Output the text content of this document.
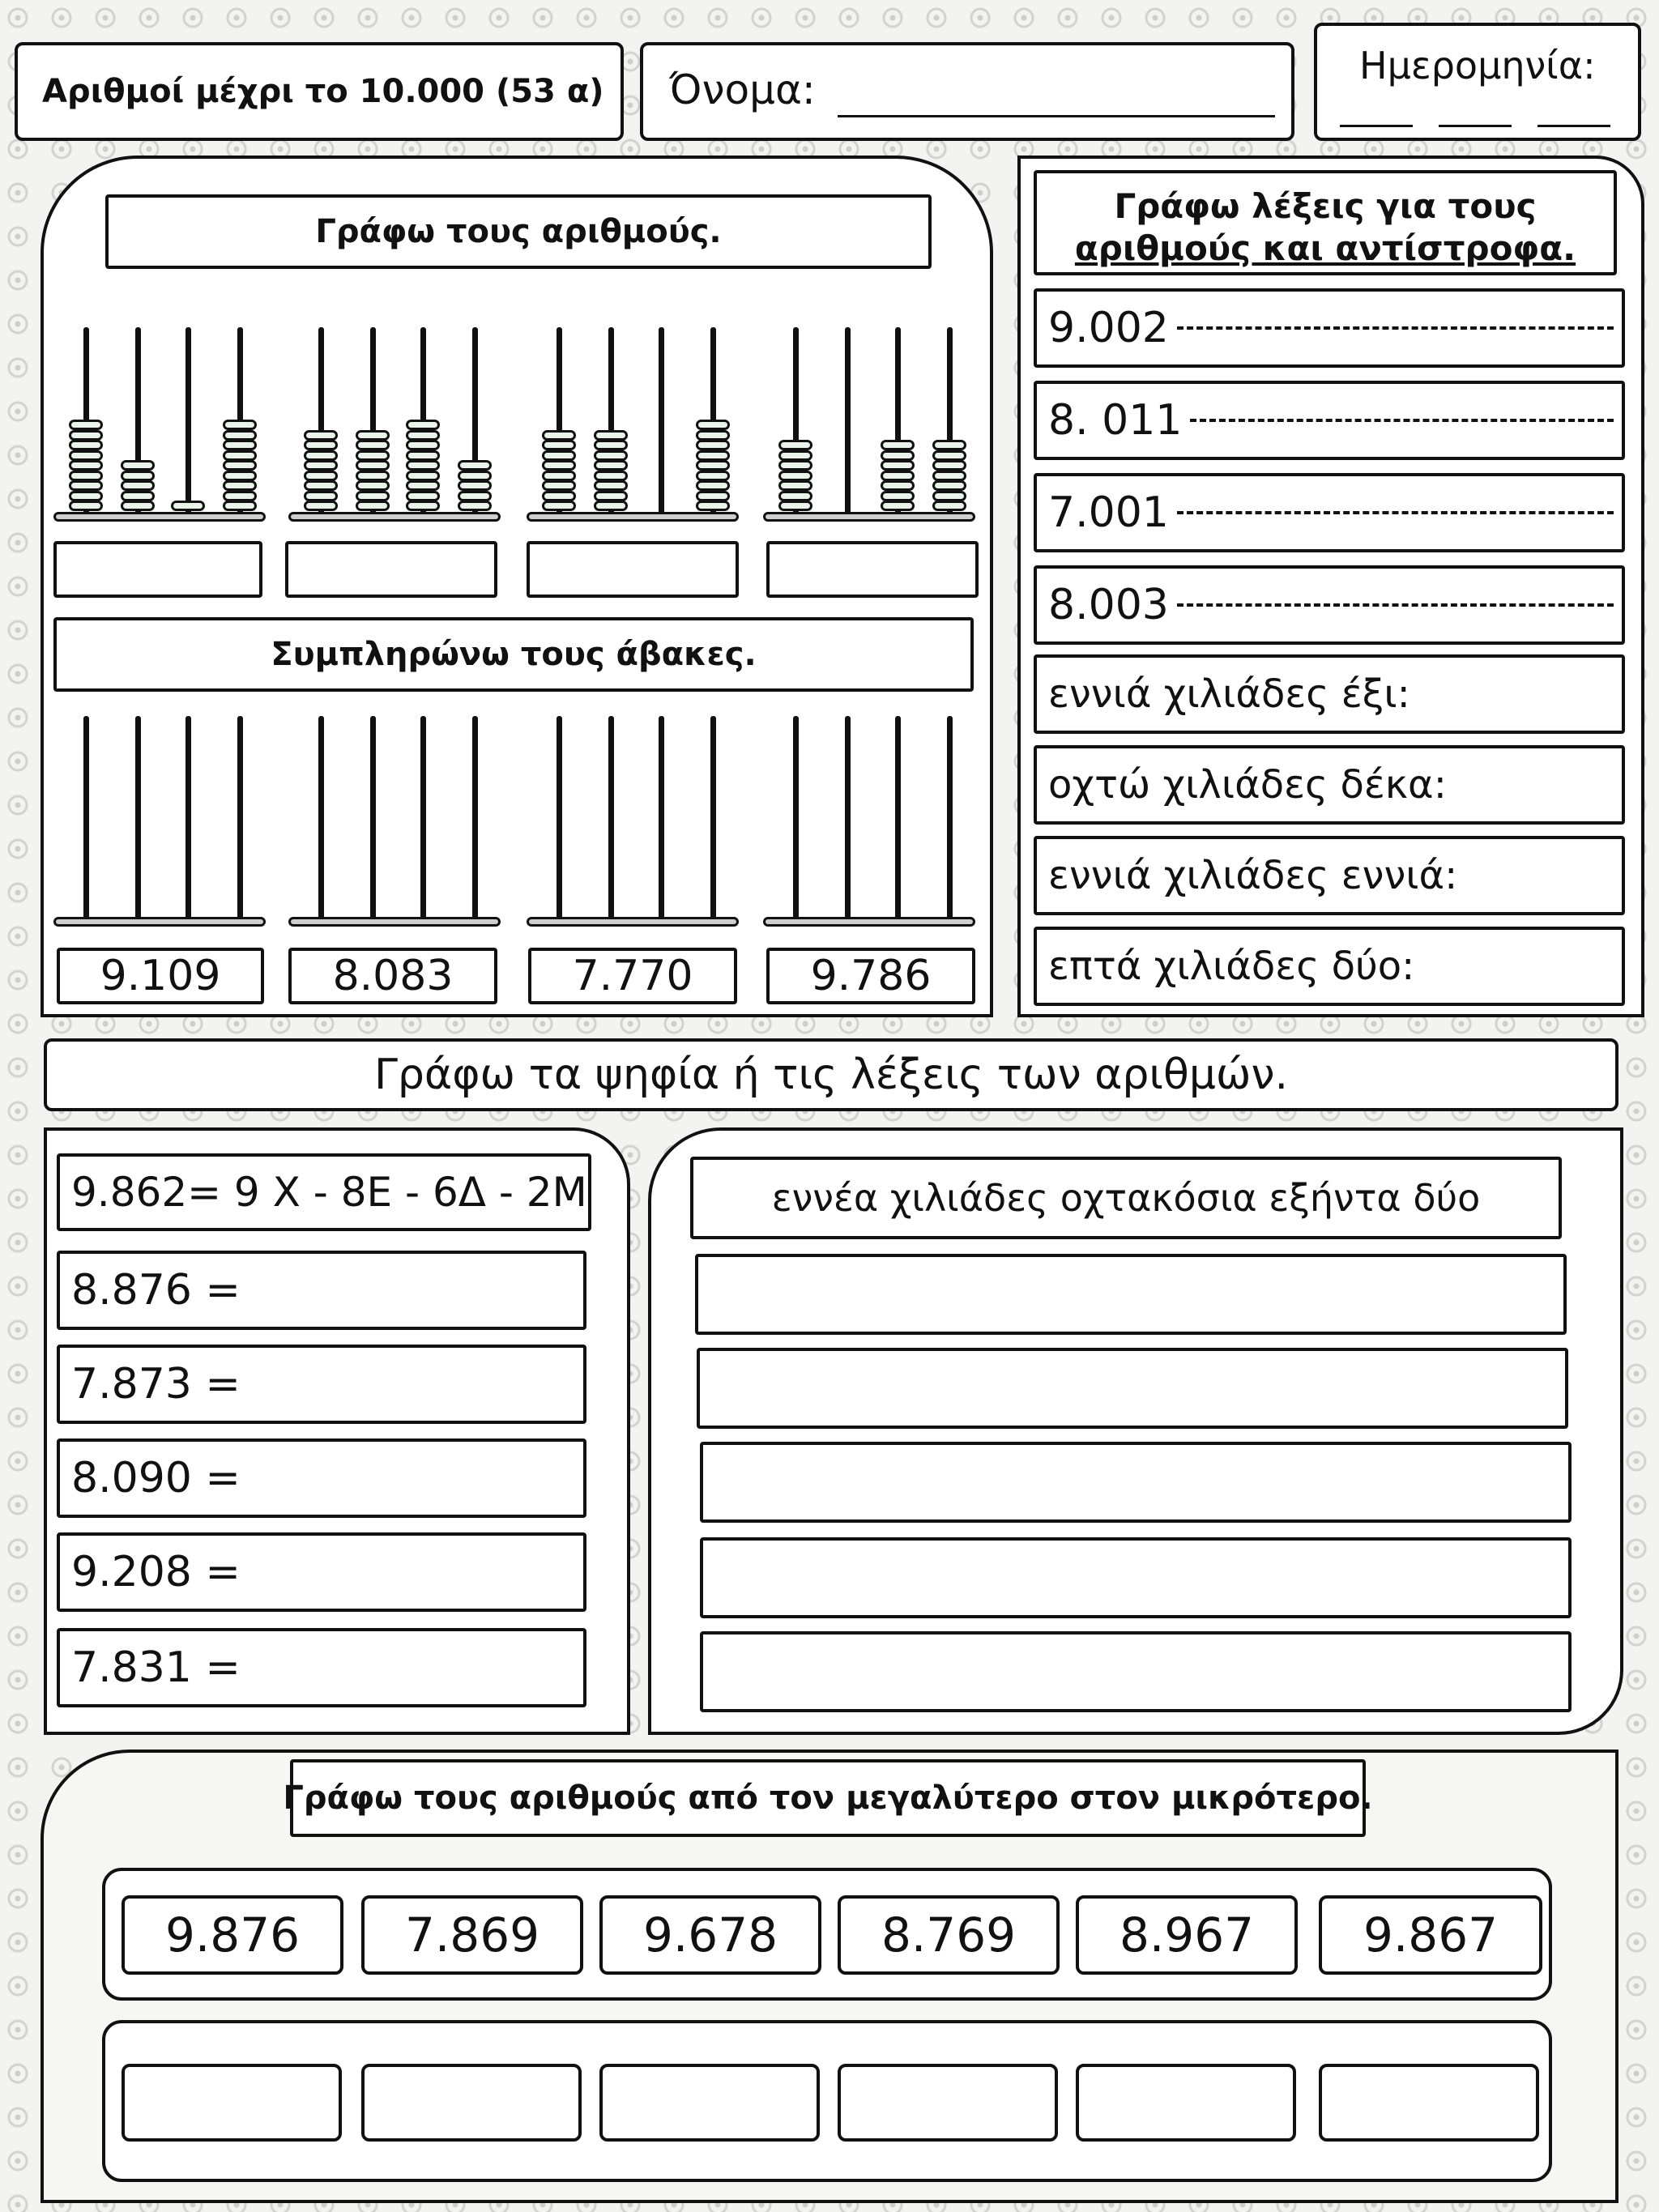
Αριθμοί μέχρι το 10.000 (53 α) Όνομα:
Ημερομηνία:
Γράφω τους αριθμούς.
Συμπληρώνω τους άβακες.
9.109	8.083	7.770	9.786
Γράφω λέξεις για τους
αριθμούς και αντίστροφα.
9.002
8. 011
7.001
8.003
εννιά χιλιάδες έξι:
οχτώ χιλιάδες δέκα:
εννιά χιλιάδες εννιά:
επτά χιλιάδες δύο:
Γράφω τα ψηφία ή τις λέξεις των αριθμών.
9.862= 9 Χ - 8Ε - 6Δ - 2Μ
8.876 =
7.873 =
8.090 =
9.208 =
7.831 =
εννέα χιλιάδες οχτακόσια εξήντα δύο
Γράφω τους αριθμούς από τον μεγαλύτερο στον μικρότερο.
9.876 7.869 9.678 8.769 8.967 9.867
